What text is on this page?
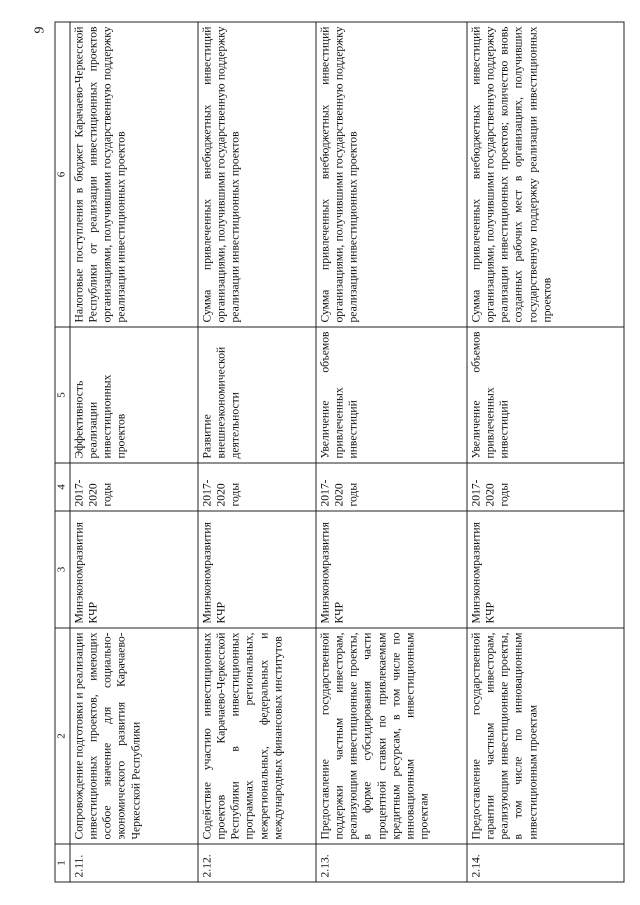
9
1	2	3	4	5	6
2.11.	Сопровождение подготовки и реализации инвестиционных проектов, имеющих особое значение для социально-экономического развития Карачаево-Черкесской Республики	Минэкономразвития КЧР	2017-2020 годы	Эффективность реализации инвестиционных проектов	Налоговые поступления в бюджет Карачаево-Черкесской Республики от реализации инвестиционных проектов организациями, получившими государственную поддержку реализации инвестиционных проектов
2.12.	Содействие участию инвестиционных проектов Карачаево-Черкесской Республики в инвестиционных программах региональных, межрегиональных, федеральных и международных финансовых институтов	Минэкономразвития КЧР	2017-2020 годы	Развитие внешнеэкономической деятельности	Сумма привлеченных внебюджетных инвестиций организациями, получившими государственную поддержку реализации инвестиционных проектов
2.13.	Предоставление государственной поддержки частным инвесторам, реализующим инвестиционные проекты, в форме субсидирования части процентной ставки по привлекаемым кредитным ресурсам, в том числе по инновационным инвестиционным проектам	Минэкономразвития КЧР	2017-2020 годы	Увеличение объемов привлеченных инвестиций	Сумма привлеченных внебюджетных инвестиций организациями, получившими государственную поддержку реализации инвестиционных проектов
2.14.	Предоставление государственной гарантии частным инвесторам, реализующим инвестиционные проекты, в том числе по инновационным инвестиционным проектам	Минэкономразвития КЧР	2017-2020 годы	Увеличение объемов привлеченных инвестиций	Сумма привлеченных внебюджетных инвестиций организациями, получившими государственную поддержку реализации инвестиционных проектов; количество вновь созданных рабочих мест в организациях, получивших государственную поддержку реализации инвестиционных проектов
